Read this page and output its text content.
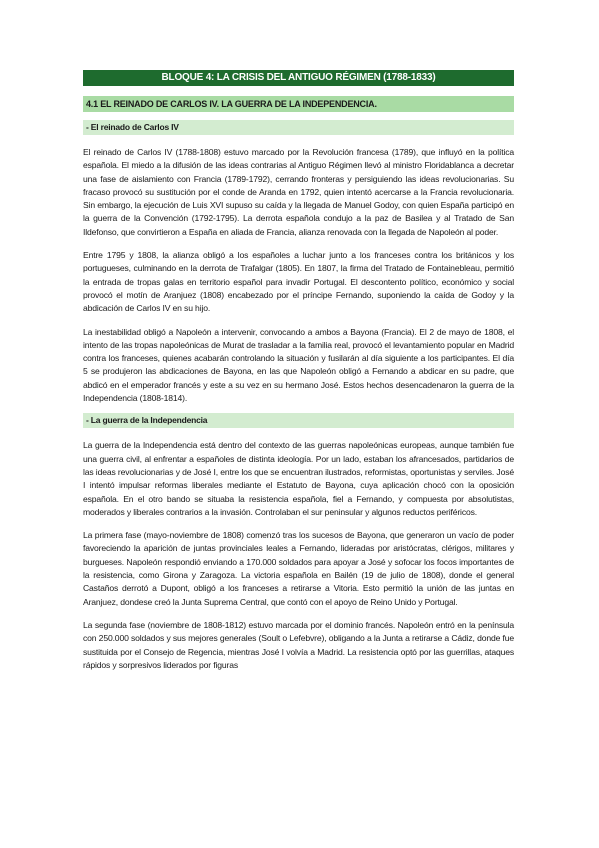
BLOQUE 4: LA CRISIS DEL ANTIGUO RÉGIMEN (1788-1833)
4.1 EL REINADO DE CARLOS IV. LA GUERRA DE LA INDEPENDENCIA.
- El reinado de Carlos IV

El reinado de Carlos IV (1788-1808) estuvo marcado por la Revolución francesa (1789), que influyó en la política española. El miedo a la difusión de las ideas contrarias al Antiguo Régimen llevó al ministro Floridablanca a decretar una fase de aislamiento con Francia (1789-1792), cerrando fronteras y persiguiendo las ideas revolucionarias. Su fracaso provocó su sustitución por el conde de Aranda en 1792, quien intentó acercarse a la Francia revolucionaria. Sin embargo, la ejecución de Luis XVI supuso su caída y la llegada de Manuel Godoy, con quien España participó en la guerra de la Convención (1792-1795). La derrota española condujo a la paz de Basilea y al Tratado de San Ildefonso, que convirtieron a España en aliada de Francia, alianza renovada con la llegada de Napoleón al poder.

Entre 1795 y 1808, la alianza obligó a los españoles a luchar junto a los franceses contra los británicos y los portugueses, culminando en la derrota de Trafalgar (1805). En 1807, la firma del Tratado de Fontainebleau, permitió la entrada de tropas galas en territorio español para invadir Portugal. El descontento político, económico y social provocó el motín de Aranjuez (1808) encabezado por el príncipe Fernando, suponiendo la caída de Godoy y la abdicación de Carlos IV en su hijo.

La inestabilidad obligó a Napoleón a intervenir, convocando a ambos a Bayona (Francia). El 2 de mayo de 1808, el intento de las tropas napoleónicas de Murat de trasladar a la familia real, provocó el levantamiento popular en Madrid contra los franceses, quienes acabarán controlando la situación y fusilarán al día siguiente a los participantes. El día 5 se produjeron las abdicaciones de Bayona, en las que Napoleón obligó a Fernando a abdicar en su padre, que abdicó en el emperador francés y este a su vez en su hermano José. Estos hechos desencadenaron la guerra de la Independencia (1808-1814).

- La guerra de la Independencia

La guerra de la Independencia está dentro del contexto de las guerras napoleónicas europeas, aunque también fue una guerra civil, al enfrentar a españoles de distinta ideología. Por un lado, estaban los afrancesados, partidarios de las ideas revolucionarias y de José I, entre los que se encuentran ilustrados, reformistas, oportunistas y serviles. José I intentó impulsar reformas liberales mediante el Estatuto de Bayona, cuya aplicación chocó con la oposición española. En el otro bando se situaba la resistencia española, fiel a Fernando, y compuesta por absolutistas, moderados y liberales contrarios a la invasión. Controlaban el sur peninsular y algunos reductos periféricos.

La primera fase (mayo-noviembre de 1808) comenzó tras los sucesos de Bayona, que generaron un vacío de poder favoreciendo la aparición de juntas provinciales leales a Fernando, lideradas por aristócratas, clérigos, militares y burgueses. Napoleón respondió enviando a 170.000 soldados para apoyar a José y sofocar los focos importantes de la resistencia, como Girona y Zaragoza. La victoria española en Bailén (19 de julio de 1808), donde el general Castaños derrotó a Dupont, obligó a los franceses a retirarse a Vitoria. Esto permitió la unión de las juntas en Aranjuez, dondese creó la Junta Suprema Central, que contó con el apoyo de Reino Unido y Portugal.

La segunda fase (noviembre de 1808-1812) estuvo marcada por el dominio francés. Napoleón entró en la península con 250.000 soldados y sus mejores generales (Soult o Lefebvre), obligando a la Junta a retirarse a Cádiz, donde fue sustituida por el Consejo de Regencia, mientras José I volvía a Madrid. La resistencia optó por las guerrillas, ataques rápidos y sorpresivos liderados por figuras
